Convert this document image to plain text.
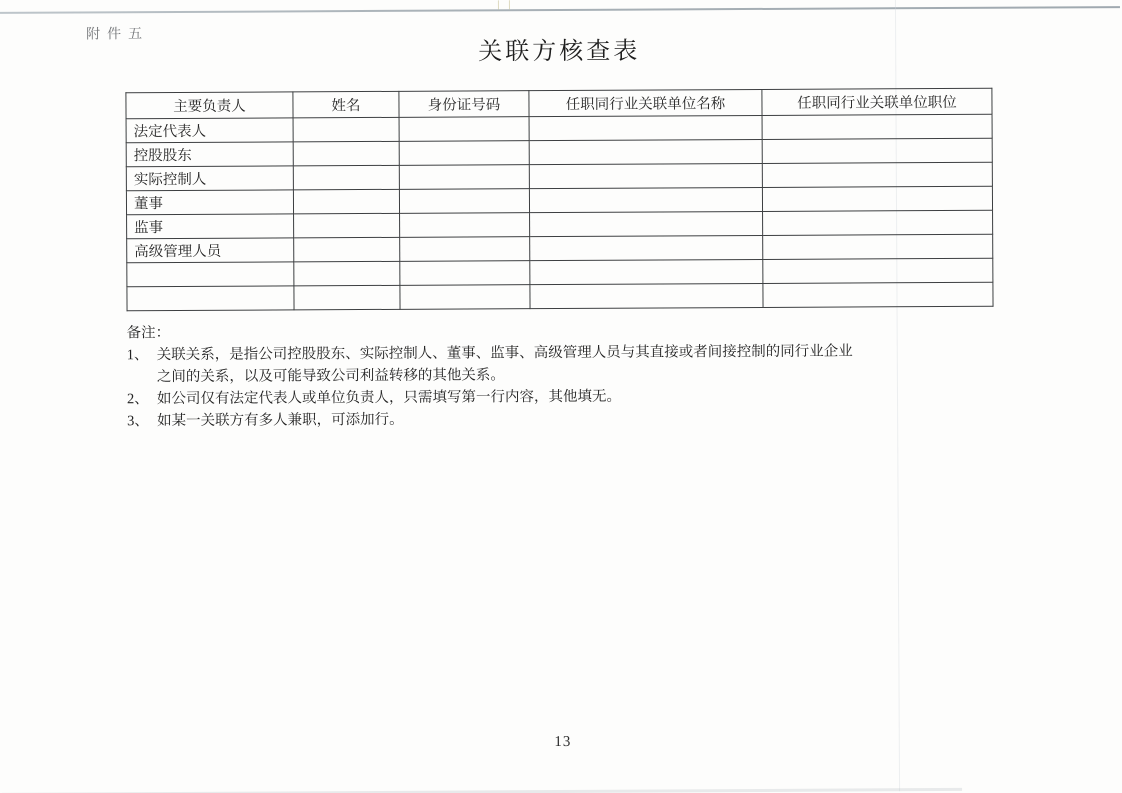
附件五
关联方核查表
主要负责人	姓名	身份证号码	任职同行业关联单位名称	任职同行业关联单位职位
法定代表人				
控股股东				
实际控制人				
董事				
监事				
高级管理人员				

备注：
1、 关联关系，是指公司控股股东、实际控制人、董事、监事、高级管理人员与其直接或者间接控制的同行业企业
之间的关系，以及可能导致公司利益转移的其他关系。
2、 如公司仅有法定代表人或单位负责人，只需填写第一行内容，其他填无。
3、 如某一关联方有多人兼职，可添加行。
13
